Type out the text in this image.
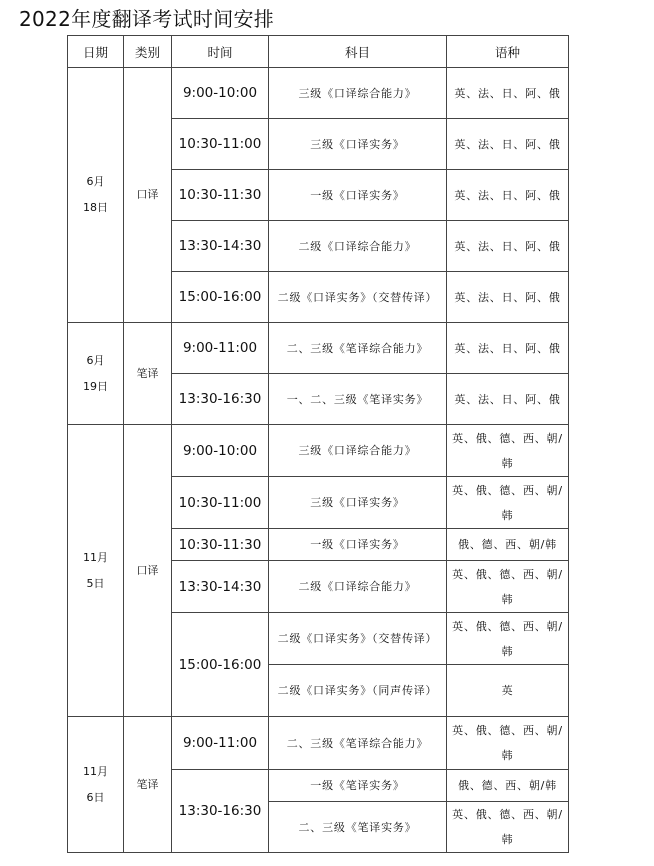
2022年度翻译考试时间安排
日期	类别	时间	科目	语种

6月18日	口译	9:00-10:00	三级《口译综合能力》	英、法、日、阿、俄
		10:30-11:00	三级《口译实务》	英、法、日、阿、俄
		10:30-11:30	一级《口译实务》	英、法、日、阿、俄
		13:30-14:30	二级《口译综合能力》	英、法、日、阿、俄
		15:00-16:00	二级《口译实务》（交替传译）	英、法、日、阿、俄

6月19日	笔译	9:00-11:00	二、三级《笔译综合能力》	英、法、日、阿、俄
		13:30-16:30	一、二、三级《笔译实务》	英、法、日、阿、俄

11月5日	口译	9:00-10:00	三级《口译综合能力》	英、俄、德、西、朝/韩
		10:30-11:00	三级《口译实务》	英、俄、德、西、朝/韩
		10:30-11:30	一级《口译实务》	俄、德、西、朝/韩
		13:30-14:30	二级《口译综合能力》	英、俄、德、西、朝/韩
		15:00-16:00	二级《口译实务》（交替传译）	英、俄、德、西、朝/韩
			二级《口译实务》（同声传译）	英

11月6日	笔译	9:00-11:00	二、三级《笔译综合能力》	英、俄、德、西、朝/韩
		13:30-16:30	一级《笔译实务》	俄、德、西、朝/韩
			二、三级《笔译实务》	英、俄、德、西、朝/韩
